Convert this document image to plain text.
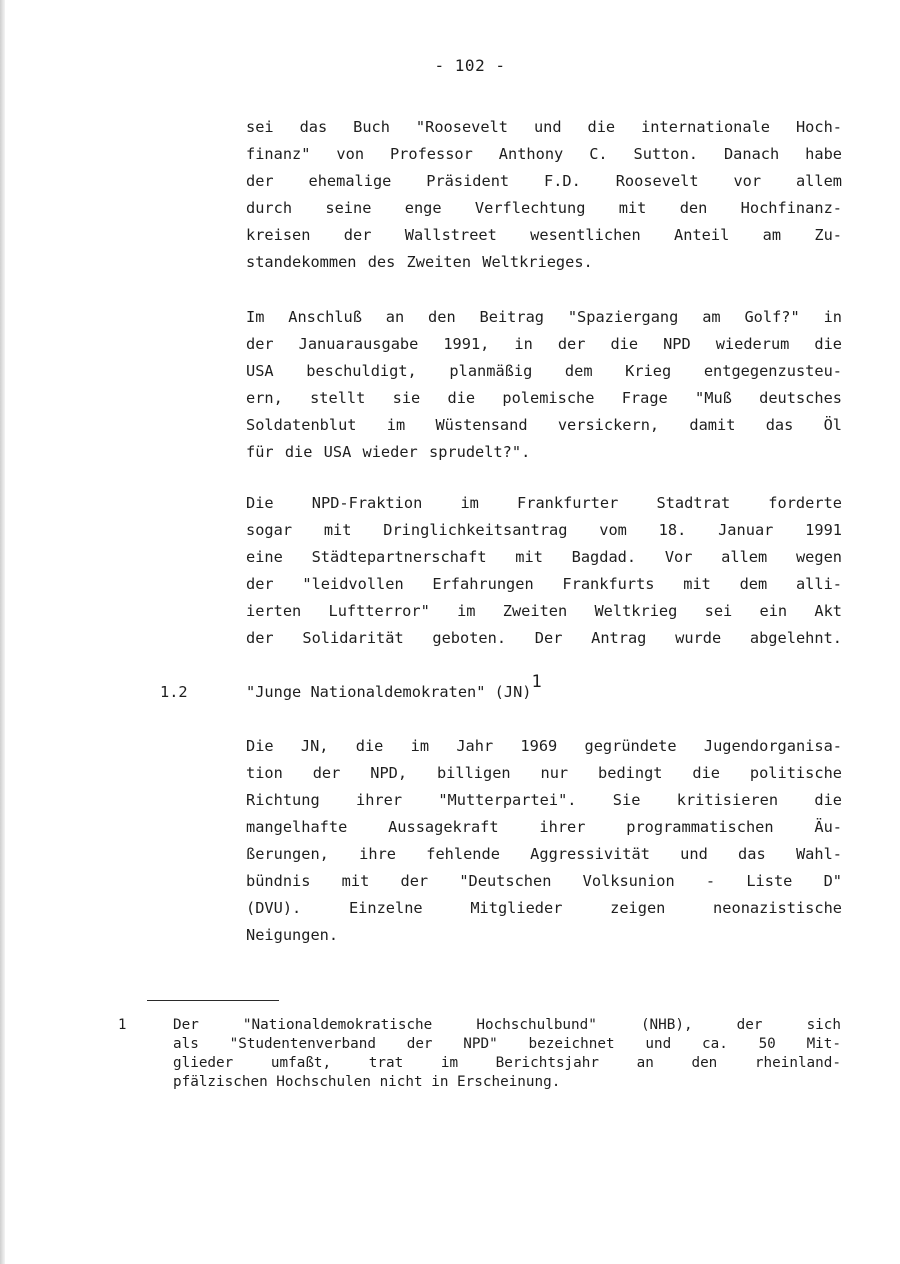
- 102 -
sei das Buch "Roosevelt und die internationale Hoch-
finanz" von Professor Anthony C. Sutton. Danach habe
der ehemalige Präsident F.D. Roosevelt vor allem
durch seine enge Verflechtung mit den Hochfinanz-
kreisen der Wallstreet wesentlichen Anteil am Zu-
standekommen des Zweiten Weltkrieges.
Im Anschluß an den Beitrag "Spaziergang am Golf?" in
der Januarausgabe 1991, in der die NPD wiederum die
USA beschuldigt, planmäßig dem Krieg entgegenzusteu-
ern, stellt sie die polemische Frage "Muß deutsches
Soldatenblut im Wüstensand versickern, damit das Öl
für die USA wieder sprudelt?".
Die NPD-Fraktion im Frankfurter Stadtrat forderte
sogar mit Dringlichkeitsantrag vom 18. Januar 1991
eine Städtepartnerschaft mit Bagdad. Vor allem wegen
der "leidvollen Erfahrungen Frankfurts mit dem alli-
ierten Luftterror" im Zweiten Weltkrieg sei ein Akt
der Solidarität geboten. Der Antrag wurde abgelehnt.
1.2	"Junge Nationaldemokraten" (JN)$^1$
Die JN, die im Jahr 1969 gegründete Jugendorganisa-
tion der NPD, billigen nur bedingt die politische
Richtung ihrer "Mutterpartei". Sie kritisieren die
mangelhafte Aussagekraft ihrer programmatischen Äu-
ßerungen, ihre fehlende Aggressivität und das Wahl-
bündnis mit der "Deutschen Volksunion - Liste D"
(DVU). Einzelne Mitglieder zeigen neonazistische
Neigungen.
1	Der "Nationaldemokratische Hochschulbund" (NHB), der sich
als "Studentenverband der NPD" bezeichnet und ca. 50 Mit-
glieder umfaßt, trat im Berichtsjahr an den rheinland-
pfälzischen Hochschulen nicht in Erscheinung.
